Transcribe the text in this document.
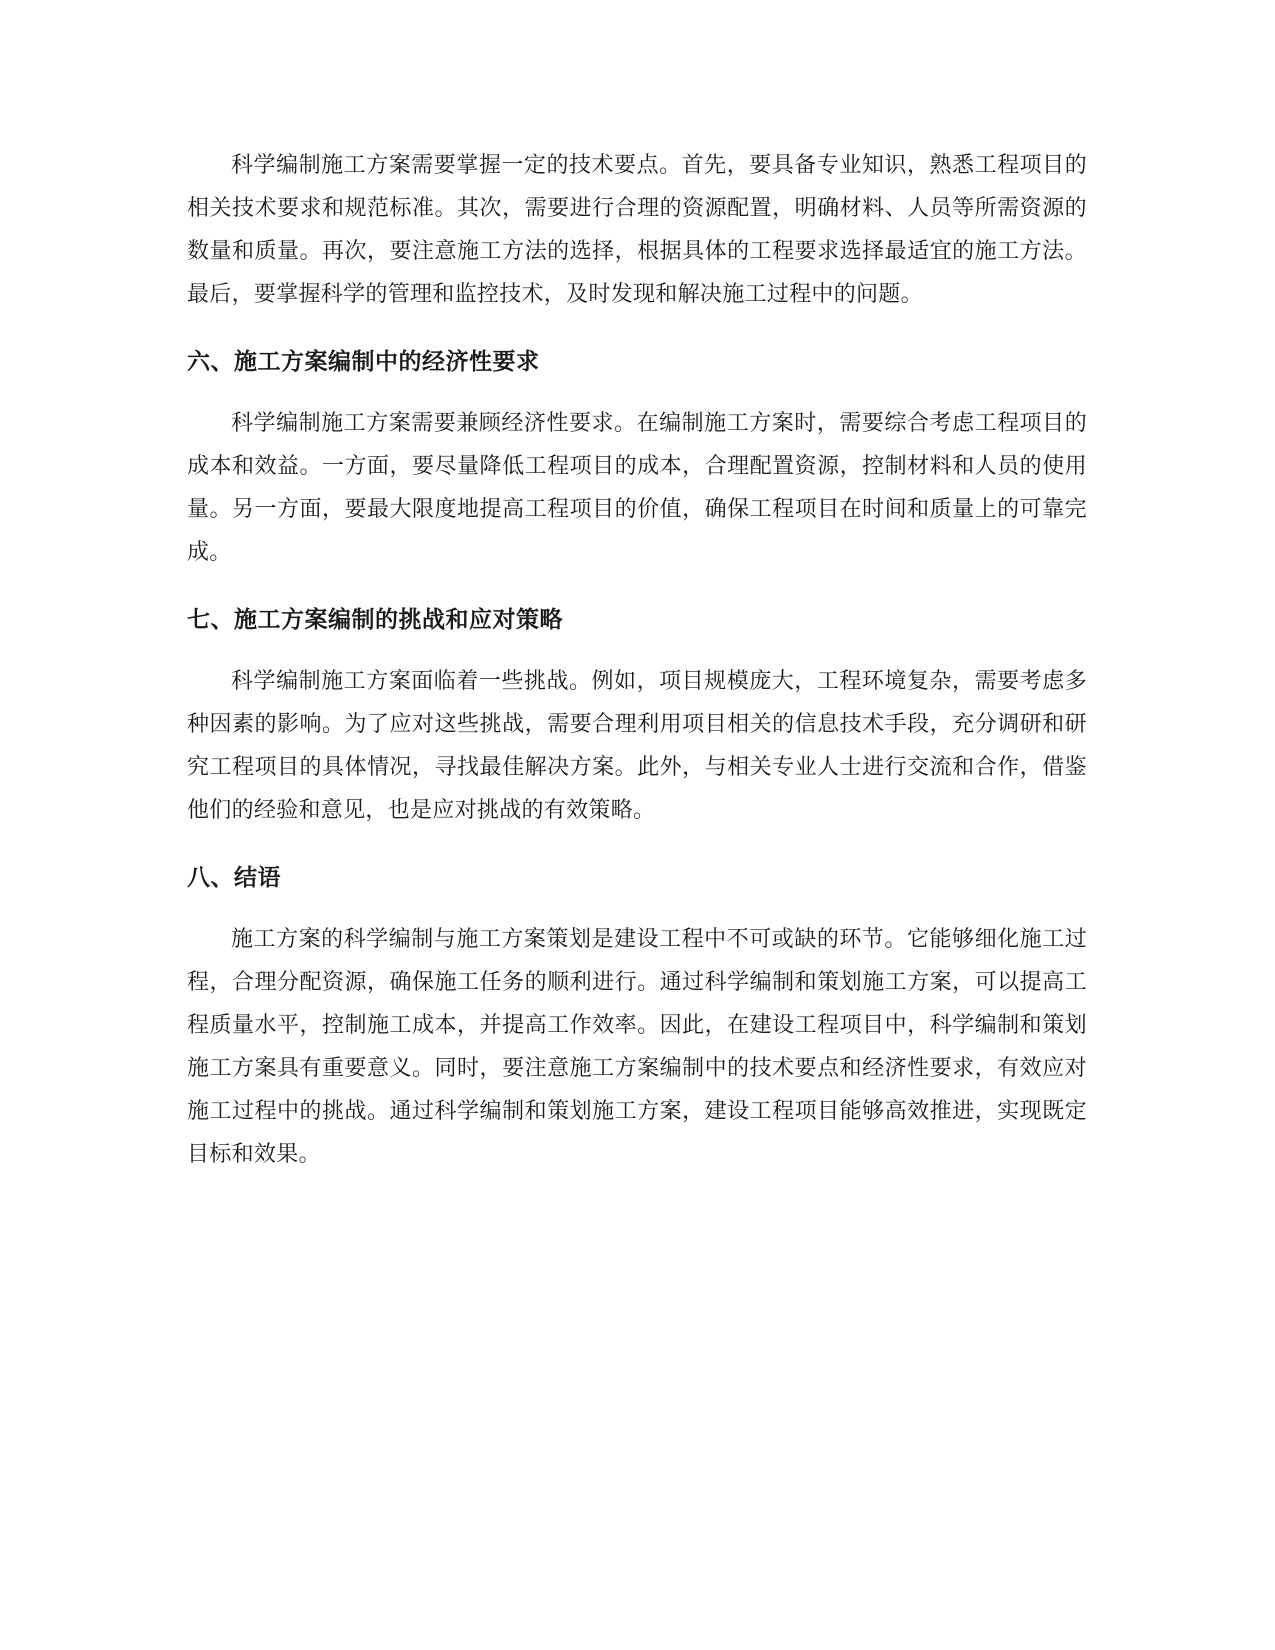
科学编制施工方案需要掌握一定的技术要点。首先，要具备专业知识，熟悉工程项目的相关技术要求和规范标准。其次，需要进行合理的资源配置，明确材料、人员等所需资源的数量和质量。再次，要注意施工方法的选择，根据具体的工程要求选择最适宜的施工方法。最后，要掌握科学的管理和监控技术，及时发现和解决施工过程中的问题。

六、施工方案编制中的经济性要求

科学编制施工方案需要兼顾经济性要求。在编制施工方案时，需要综合考虑工程项目的成本和效益。一方面，要尽量降低工程项目的成本，合理配置资源，控制材料和人员的使用量。另一方面，要最大限度地提高工程项目的价值，确保工程项目在时间和质量上的可靠完成。

七、施工方案编制的挑战和应对策略

科学编制施工方案面临着一些挑战。例如，项目规模庞大，工程环境复杂，需要考虑多种因素的影响。为了应对这些挑战，需要合理利用项目相关的信息技术手段，充分调研和研究工程项目的具体情况，寻找最佳解决方案。此外，与相关专业人士进行交流和合作，借鉴他们的经验和意见，也是应对挑战的有效策略。

八、结语

施工方案的科学编制与施工方案策划是建设工程中不可或缺的环节。它能够细化施工过程，合理分配资源，确保施工任务的顺利进行。通过科学编制和策划施工方案，可以提高工程质量水平，控制施工成本，并提高工作效率。因此，在建设工程项目中，科学编制和策划施工方案具有重要意义。同时，要注意施工方案编制中的技术要点和经济性要求，有效应对施工过程中的挑战。通过科学编制和策划施工方案，建设工程项目能够高效推进，实现既定目标和效果。
